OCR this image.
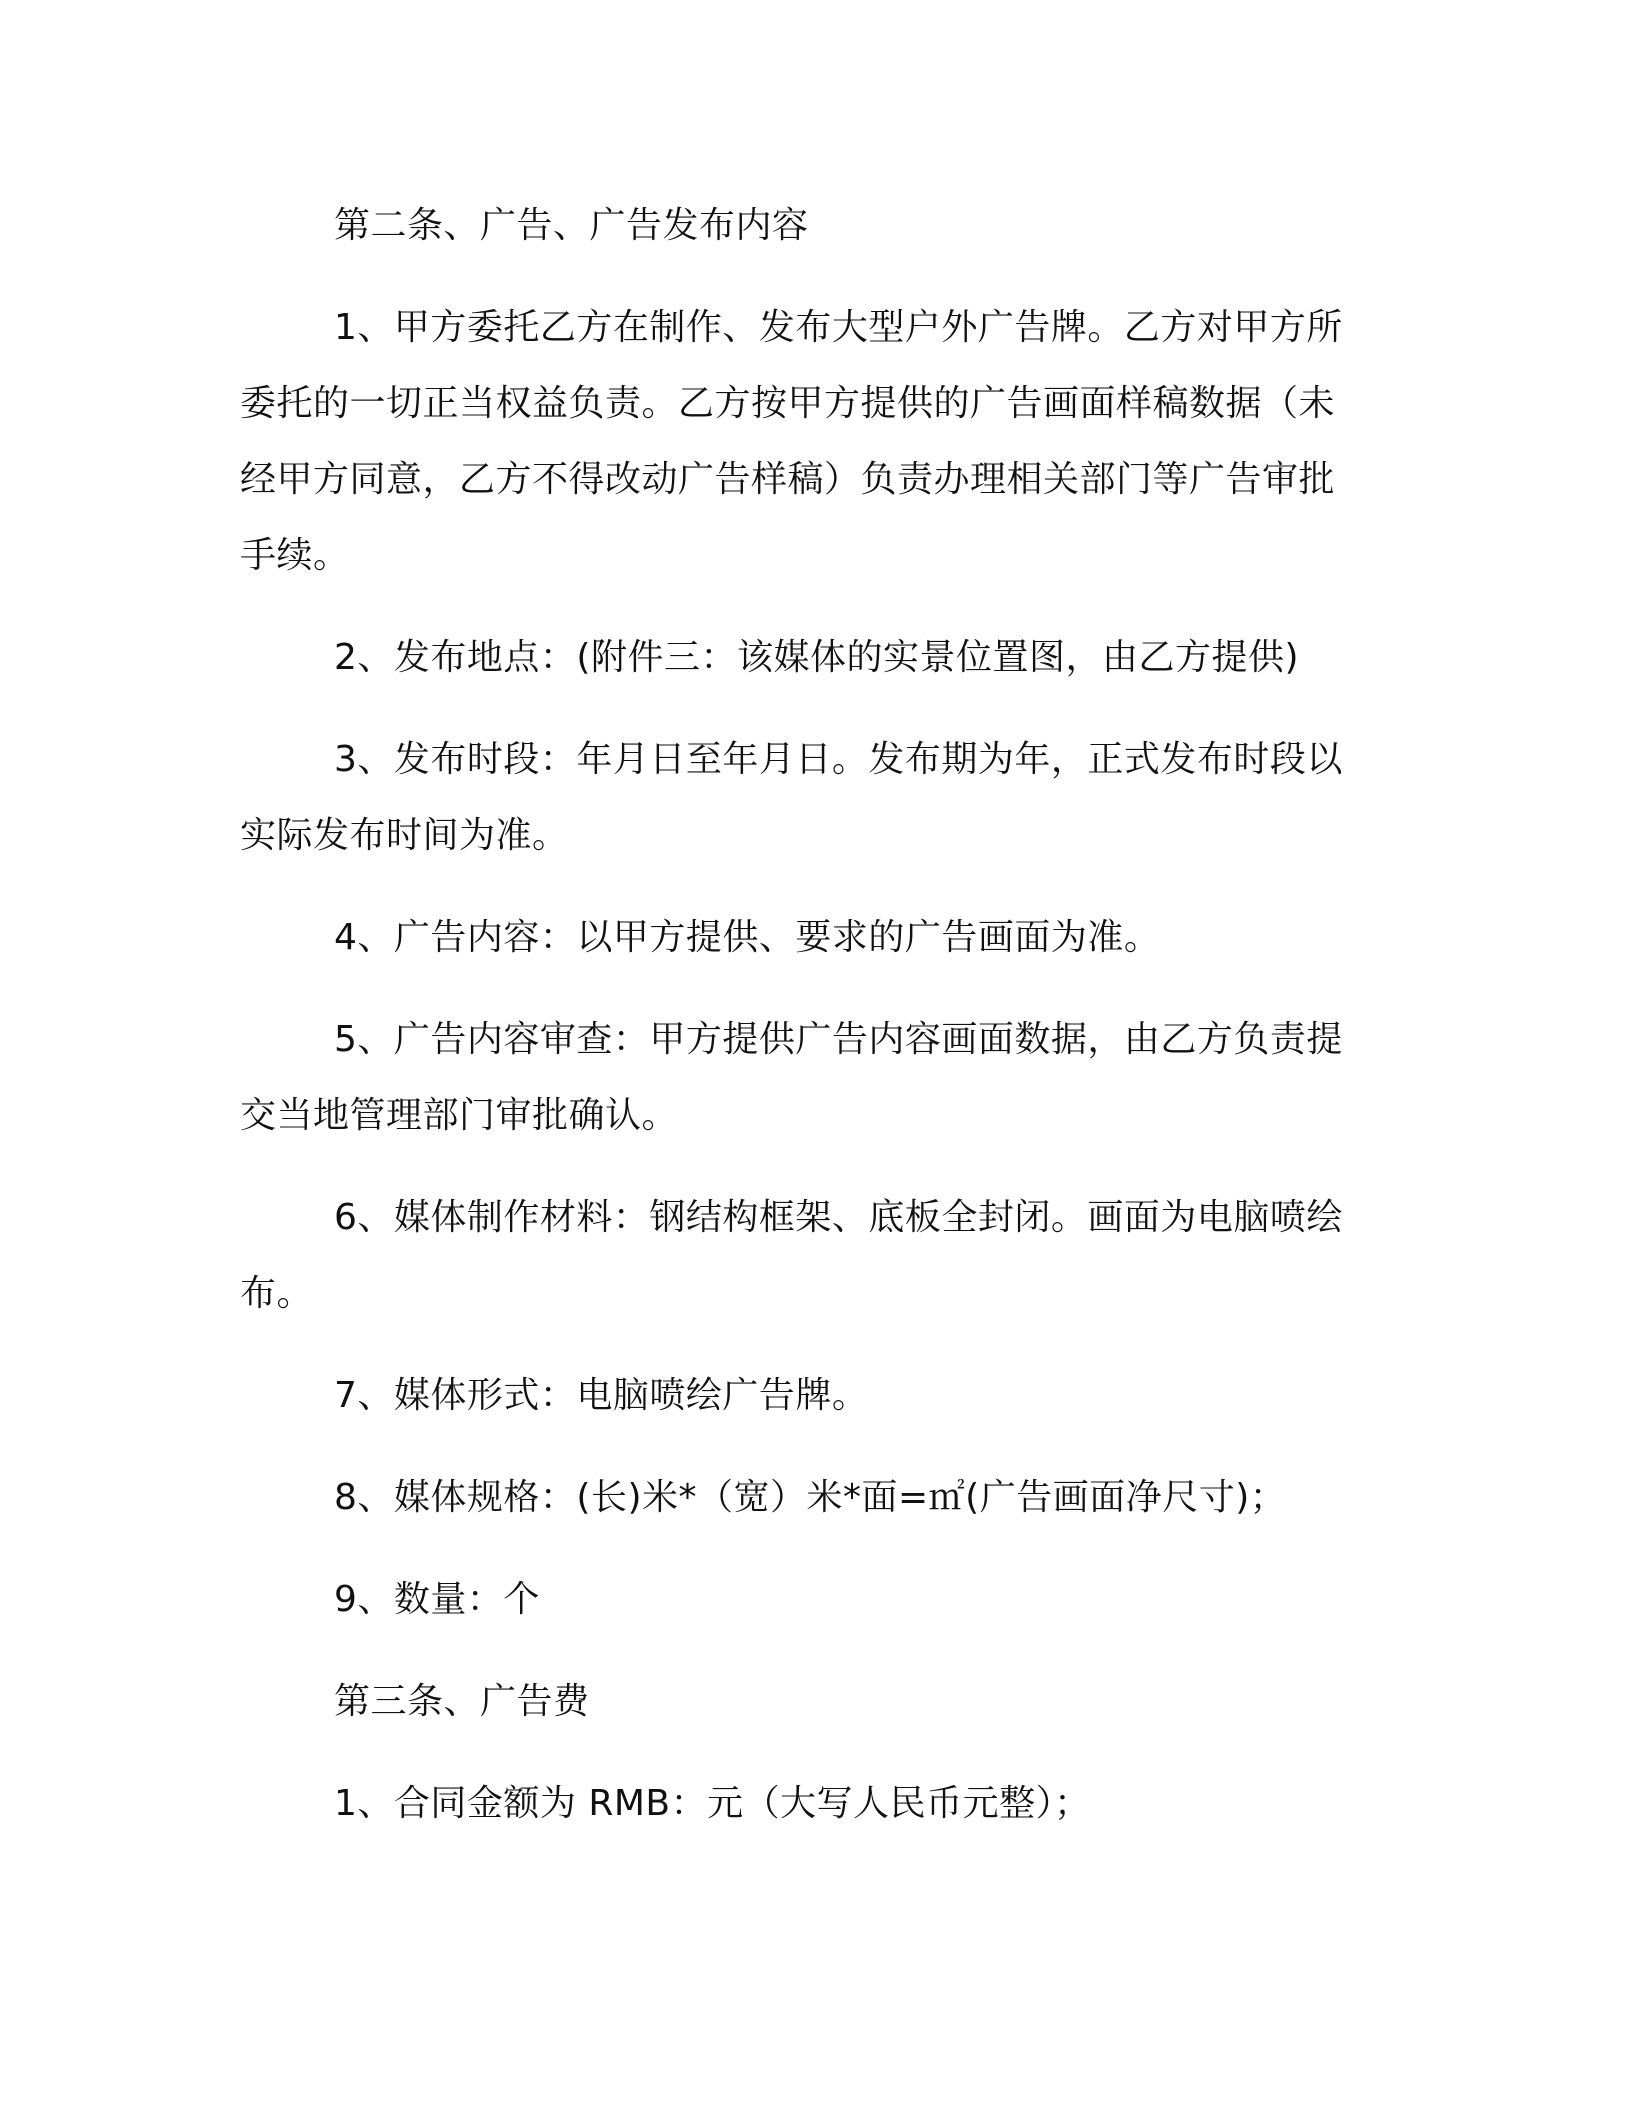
第二条、广告、广告发布内容

1、甲方委托乙方在制作、发布大型户外广告牌。乙方对甲方所委托的一切正当权益负责。乙方按甲方提供的广告画面样稿数据（未经甲方同意，乙方不得改动广告样稿）负责办理相关部门等广告审批手续。

2、发布地点：(附件三：该媒体的实景位置图，由乙方提供)

3、发布时段：年月日至年月日。发布期为年，正式发布时段以实际发布时间为准。

4、广告内容：以甲方提供、要求的广告画面为准。

5、广告内容审查：甲方提供广告内容画面数据，由乙方负责提交当地管理部门审批确认。

6、媒体制作材料：钢结构框架、底板全封闭。画面为电脑喷绘布。

7、媒体形式：电脑喷绘广告牌。

8、媒体规格：(长)米*（宽）米*面=㎡(广告画面净尺寸)；

9、数量：个

第三条、广告费

1、合同金额为 RMB：元（大写人民币元整）；
